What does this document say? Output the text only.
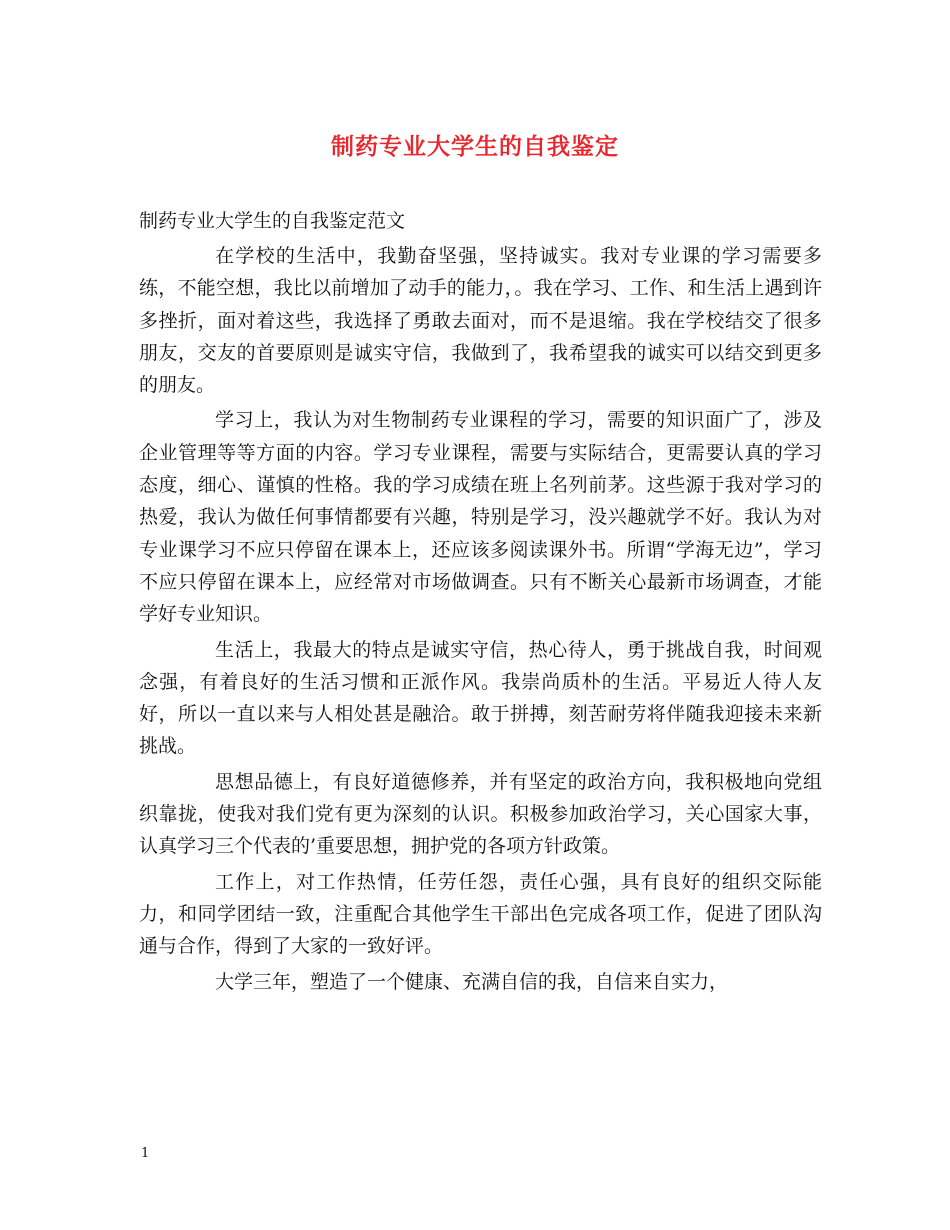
制药专业大学生的自我鉴定

制药专业大学生的自我鉴定范文

在学校的生活中，我勤奋坚强，坚持诚实。我对专业课的学习需要多练，不能空想，我比以前增加了动手的能力，。我在学习、工作、和生活上遇到许多挫折，面对着这些，我选择了勇敢去面对，而不是退缩。我在学校结交了很多朋友，交友的首要原则是诚实守信，我做到了，我希望我的诚实可以结交到更多的朋友。

学习上，我认为对生物制药专业课程的学习，需要的知识面广了，涉及企业管理等等方面的内容。学习专业课程，需要与实际结合，更需要认真的学习态度，细心、谨慎的性格。我的学习成绩在班上名列前茅。这些源于我对学习的热爱，我认为做任何事情都要有兴趣，特别是学习，没兴趣就学不好。我认为对专业课学习不应只停留在课本上，还应该多阅读课外书。所谓“学海无边”，学习不应只停留在课本上，应经常对市场做调查。只有不断关心最新市场调查，才能学好专业知识。

生活上，我最大的特点是诚实守信，热心待人，勇于挑战自我，时间观念强，有着良好的生活习惯和正派作风。我崇尚质朴的生活。平易近人待人友好，所以一直以来与人相处甚是融洽。敢于拼搏，刻苦耐劳将伴随我迎接未来新挑战。

思想品德上，有良好道德修养，并有坚定的政治方向，我积极地向党组织靠拢，使我对我们党有更为深刻的认识。积极参加政治学习，关心国家大事，认真学习三个代表的’重要思想，拥护党的各项方针政策。

工作上，对工作热情，任劳任怨，责任心强，具有良好的组织交际能力，和同学团结一致，注重配合其他学生干部出色完成各项工作，促进了团队沟通与合作，得到了大家的一致好评。

大学三年，塑造了一个健康、充满自信的我，自信来自实力，

1
